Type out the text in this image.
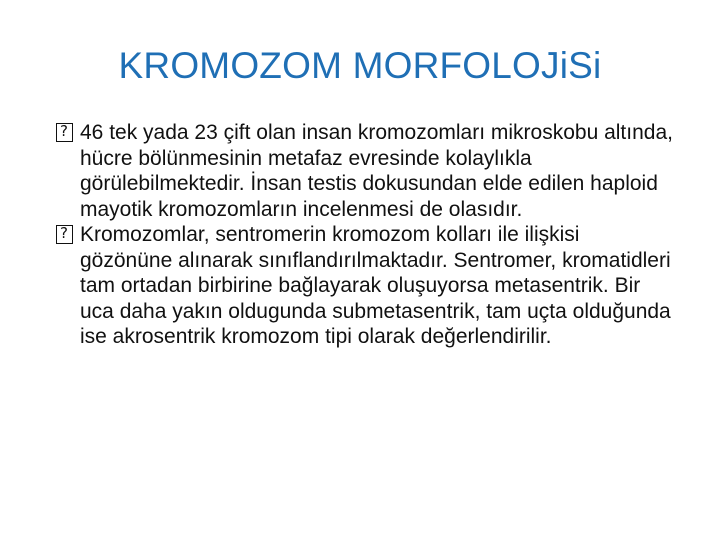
KROMOZOM MORFOLOJiSi
?
46 tek yada 23 çift olan insan kromozomları mikroskobu altında, hücre bölünmesinin metafaz evresinde kolaylıkla görülebilmektedir. İnsan testis dokusundan elde edilen haploid mayotik kromozomların incelenmesi de olasıdır.
?
Kromozomlar, sentromerin kromozom kolları ile ilişkisi gözönüne alınarak sınıflandırılmaktadır. Sentromer, kromatidleri tam ortadan birbirine bağlayarak oluşuyorsa metasentrik. Bir uca daha yakın oldugunda submetasentrik, tam uçta olduğunda ise akrosentrik kromozom tipi olarak değerlendirilir.
